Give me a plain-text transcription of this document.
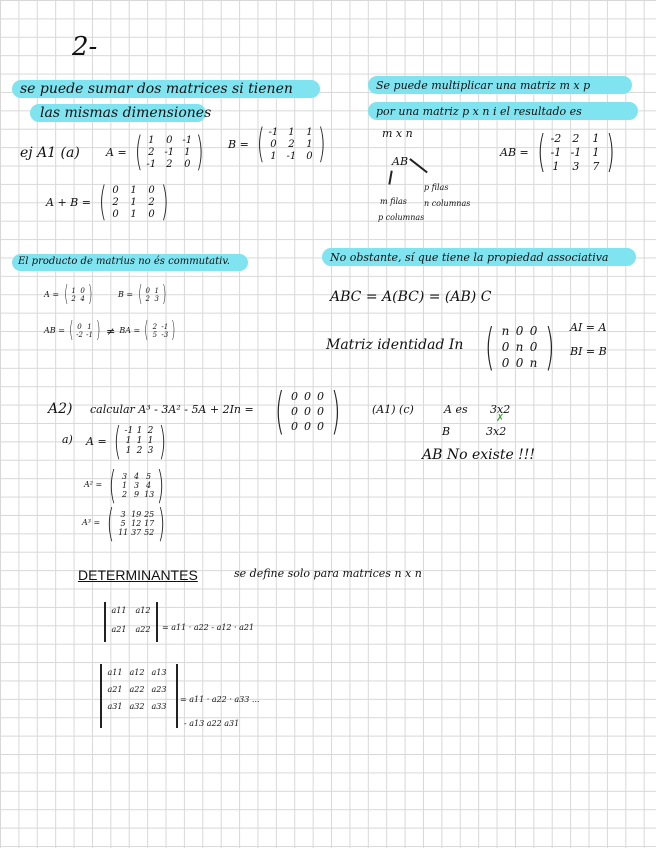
2-
se puede sumar dos matrices si tienen
las mismas dimensiones
ej A1 (a) A = ( 1 0 -1
2 -1 1
-1 2 0 ) B = ( -1 1 1
0 2 1
1 -1 0 )
A + B = ( 0 1 0
2 1 2
0 1 0 )
Se puede multiplicar una matriz m x p
por una matriz p x n i el resultado es
m x n
AB
m filas
p columnas
p filas
n columnas
AB = ( -2 2 1
-1 -1 1
1 3 7 )
El producto de matrius no és commutativ.
A = ( 1 0
2 4 )	B = ( 0 1
2 3 )
AB = ( 0 1
-2 -1 ) ≠ BA = ( 2 -1
5 -3 )
No obstante, sí que tiene la propiedad associativa
ABC = A(BC) = (AB) C
Matriz identidad In ( n 0 0
0 n 0
0 0 n ) AI = A
BI = B
A2) calcular A³ - 3A² - 5A + 2In = ( 0 0 0
0 0 0
0 0 0 )
a) A = ( -1 1 2
1 1 1
1 2 3 )
A² = ( 3 4 5
1 3 4
2 9 13 )
A³ = ( 3 19 25
5 12 17
11 37 52 )
(A1) (c)	A es 3x2
✗
B	3x2
AB No existe !!!
DETERMINANTES	se define solo para matrices n x n
a11 a12
a21 a22 = a11 · a22 - a12 · a21
a11 a12 a13
a21 a22 a23
a31 a32 a33
= a11 · a22 · a33 ...
- a13 a22 a31
